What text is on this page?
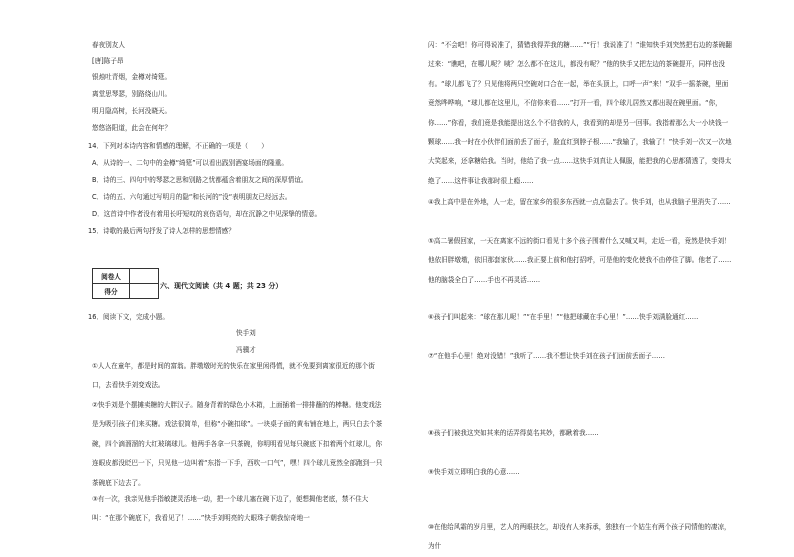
春夜别友人
[唐]陈子昂
银烛吐青烟，金樽对绮筵。
离堂思琴瑟，别路绕山川。
明月隐高树，长河没晓天。
悠悠洛阳道，此会在何年？
14．下列对本诗内容和情感的理解，不正确的一项是（　　）
A．从诗的一、二句中的金樽“绮筵”可以看出践别酒宴场面的隆重。
B．诗的三、四句中的琴瑟之思和别路之忧都蕴含着朋友之间的深厚情谊。
C．诗的五、六句通过写明月的隐“和长河的”没“表明朋友已经远去。
D．这首诗中作者没有着用长吁短叹的哀伤语句，却在沉静之中见深挚的情意。
15．诗歌的最后两句抒发了诗人怎样的思想情感？
阅卷人	
得分	
六、现代文阅读（共 4 题；共 23 分）
16．阅读下文，完成小题。
快手刘
冯骥才
①人人在童年，都是时间的富翁。胖墩墩时光的快乐在家里闲得慌，就不免要到离家很近的那个街口，去看快手刘变戏法。
②快手刘是个摆摊卖糖的大胖汉子。随身背着的绿色小木箱，上面插着一排排蘸的的棒糖。他变戏法是为吸引孩子们来买糖。戏法很简单，但称“小碗扣球”。一块桌子面的黄布铺在地上，两只白去个茶碗，四个滴溜溜的大红玻璃球儿。他两手各拿一只茶碗，你明明看见每只碗底下扣着两个红球儿，你连眼皮都没眨巴一下，只见他一边叫着“东指一下手，西吹一口气”，嘿！四个球儿竟然全部跑到一只茶碗底下边去了。
③有一次，我亲见他手指敏捷灵活地一动，把一个球儿塞在碗下边了，便想揭他老底，禁不住大叫：“在那个碗底下，我看见了！……”快手刘明亮的大眼珠子朝我惊奇地一
闪：“不会吧！你可得说准了，猜错我得弄我的糖……”“行！我说准了！”谁知快手刘突然把右边的茶碗翻过来：“瞧吧，在哪儿呢？咦？怎么都不在这儿，都没有呢？”他的快手又把左边的茶碗提开，同样也没有。“球儿都飞了？只见他将两只空碗对口合在一起，举在头顶上，口呼一声“来！”双手一摇茶碗，里面竟然哗哗响，“球儿都在这里儿，不信你来看……”打开一看，四个球儿居然又都出现在碗里面。“你，你……”你看，我们竟是我能提出这么个不信我的人，我看到的却是另一回事。我指着那么大一小块钱一颗球……我一时在小伙伴们面前丢了面子，脸直红到脖子根……“我输了，我输了！”快手刘一次又一次地大笑起来，还拿糖给我。当时，他给了我一点……这快手刘真让人佩服，能把我的心思都猜透了，变得太绝了……这件事让我那时很上瘾……
④我上高中是在外地，人一走，留在家乡的很多东西就一点点隐去了。快手刘，也从我脑子里消失了……
⑤高二暑假回家，一天在离家不远的街口看见十多个孩子围着什么又喊又叫，走近一看，竟然是快手刘！他依旧胖墩墩，依旧那套家伙……我正要上前和他打招呼，可是他的变化使我不由停住了脚。他老了……他的脑袋全白了……手也不再灵活……
⑥孩子们叫起来：“球在那儿呢！”“在手里！”“他把球藏在手心里！”……快手刘满脸通红……
⑦“在他手心里！绝对没错！”我听了……我不想让快手刘在孩子们面前丢面子……
⑧孩子们被我这突如其来的话弄得莫名其妙，都瞅着我……
⑨快手刘立即明白我的心意……
⑩在他给风霜的岁月里，艺人的两眼扶乞，却没有人来拆承，独独有一个姑生有两个孩子同情他的凄凉，为什
